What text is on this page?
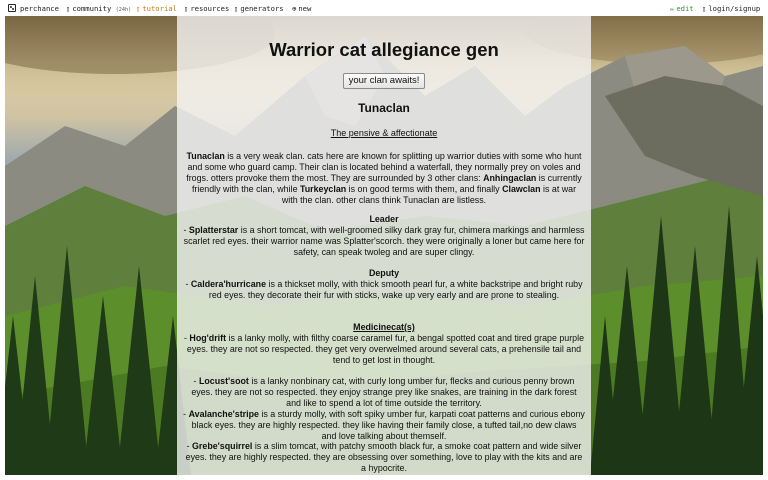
perchance ▯ community (24h) ▯ tutorial ▯ resources ▯ generators ⊕ new	✏ edit ▯ login/signup
Warrior cat allegiance gen
your clan awaits!
Tunaclan
The pensive & affectionate
Tunaclan is a very weak clan. cats here are known for splitting up warrior duties with some who hunt and some who guard camp. Their clan is located behind a waterfall, they normally prey on voles and frogs. otters provoke them the most. They are surrounded by 3 other clans: Anhingaclan is currently friendly with the clan, while Turkeyclan is on good terms with them, and finally Clawclan is at war with the clan. other clans think Tunaclan are listless.
Leader
- Splatterstar is a short tomcat, with well-groomed silky dark gray fur, chimera markings and harmless scarlet red eyes. their warrior name was Splatter'scorch. they were originally a loner but came here for safety, can speak twoleg and are super clingy.
Deputy
- Caldera'hurricane is a thickset molly, with thick smooth pearl fur, a white backstripe and bright ruby red eyes. they decorate their fur with sticks, wake up very early and are prone to stealing.
Medicinecat(s)
- Hog'drift is a lanky molly, with filthy coarse caramel fur, a bengal spotted coat and tired grape purple eyes. they are not so respected. they get very overwelmed around several cats, a prehensile tail and tend to get lost in thought.
- Locust'soot is a lanky nonbinary cat, with curly long umber fur, flecks and curious penny brown eyes. they are not so respected. they enjoy strange prey like snakes, are training in the dark forest and like to spend a lot of time outside the territory.
- Avalanche'stripe is a sturdy molly, with soft spiky umber fur, karpati coat patterns and curious ebony black eyes. they are highly respected. they like having their family close, a tufted tail,no dew claws and love talking about themself.
- Grebe'squirrel is a slim tomcat, with patchy smooth black fur, a smoke coat pattern and wide silver eyes. they are highly respected. they are obsessing over something, love to play with the kits and are a hypocrite.
